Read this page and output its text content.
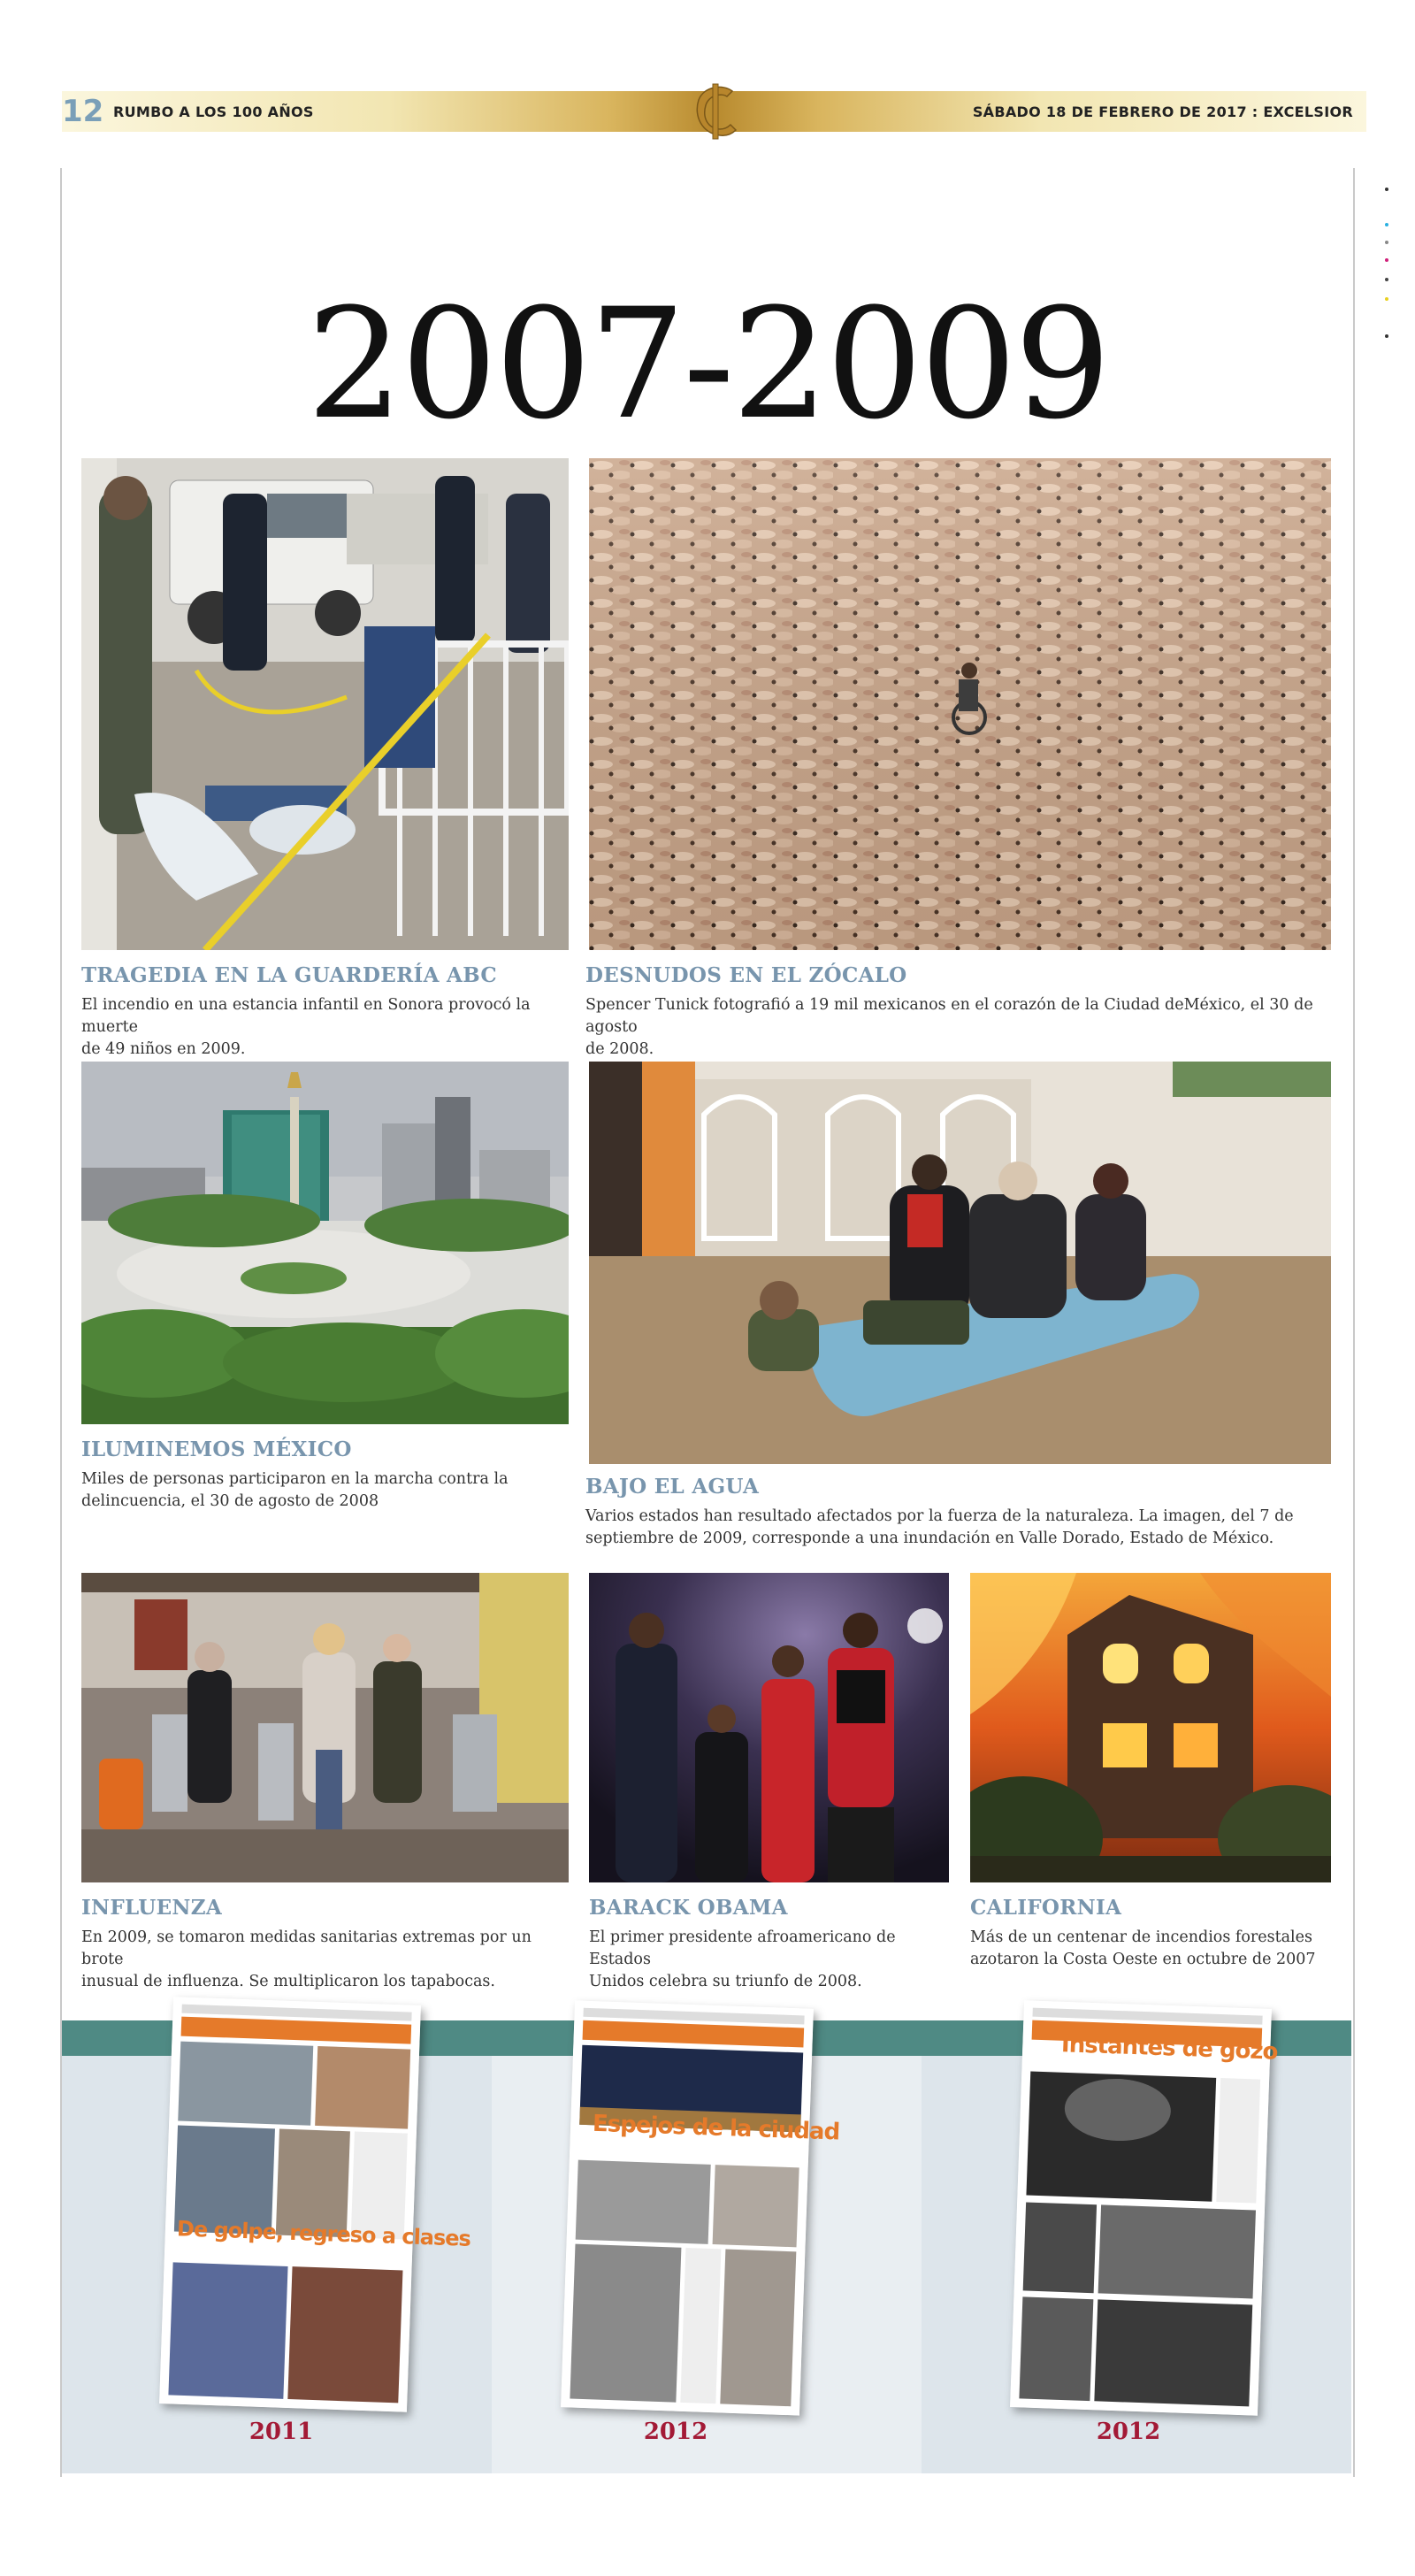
12 RUMBO A LOS 100 AÑOS	SÁBADO 18 DE FEBRERO DE 2017 : EXCELSIOR
2007-2009
TRAGEDIA EN LA GUARDERÍA ABC
El incendio en una estancia infantil en Sonora provocó la muerte
de 49 niños en 2009.
DESNUDOS EN EL ZÓCALO
Spencer Tunick fotografió a 19 mil mexicanos en el corazón de la Ciudad deMéxico, el 30 de agosto
de 2008.
ILUMINEMOS MÉXICO
Miles de personas participaron en la marcha contra la
delincuencia, el 30 de agosto de 2008
BAJO EL AGUA
Varios estados han resultado afectados por la fuerza de la naturaleza. La imagen, del 7 de
septiembre de 2009, corresponde a una inundación en Valle Dorado, Estado de México.
INFLUENZA
En 2009, se tomaron medidas sanitarias extremas por un brote
inusual de influenza. Se multiplicaron los tapabocas.
BARACK OBAMA
El primer presidente afroamericano de Estados
Unidos celebra su triunfo de 2008.
CALIFORNIA
Más de un centenar de incendios forestales
azotaron la Costa Oeste en octubre de 2007
De golpe, regreso a clases
Espejos de la ciudad
Instantes de gozo
2011	2012	2012
